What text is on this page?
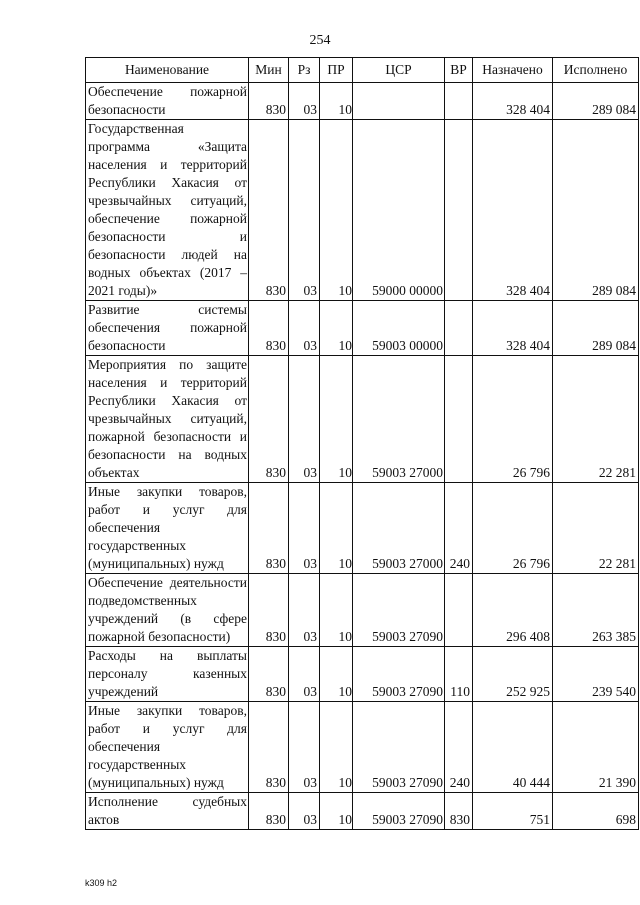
254
Наименование	Мин	Рз	ПР	ЦСР	ВР	Назначено	Исполнено
Обеспечение пожарной безопасности	830	03	10			328 404	289 084
Государственная программа «Защита населения и территорий Республики Хакасия от чрезвычайных ситуаций, обеспечение пожарной безопасности и безопасности людей на водных объектах (2017 – 2021 годы)»	830	03	10	59000 00000		328 404	289 084
Развитие системы обеспечения пожарной безопасности	830	03	10	59003 00000		328 404	289 084
Мероприятия по защите населения и территорий Республики Хакасия от чрезвычайных ситуаций, пожарной безопасности и безопасности на водных объектах	830	03	10	59003 27000		26 796	22 281
Иные закупки товаров, работ и услуг для обеспечения государственных (муниципальных) нужд	830	03	10	59003 27000	240	26 796	22 281
Обеспечение деятельности подведомственных учреждений (в сфере пожарной безопасности)	830	03	10	59003 27090		296 408	263 385
Расходы на выплаты персоналу казенных учреждений	830	03	10	59003 27090	110	252 925	239 540
Иные закупки товаров, работ и услуг для обеспечения государственных (муниципальных) нужд	830	03	10	59003 27090	240	40 444	21 390
Исполнение судебных актов	830	03	10	59003 27090	830	751	698
k309 h2
